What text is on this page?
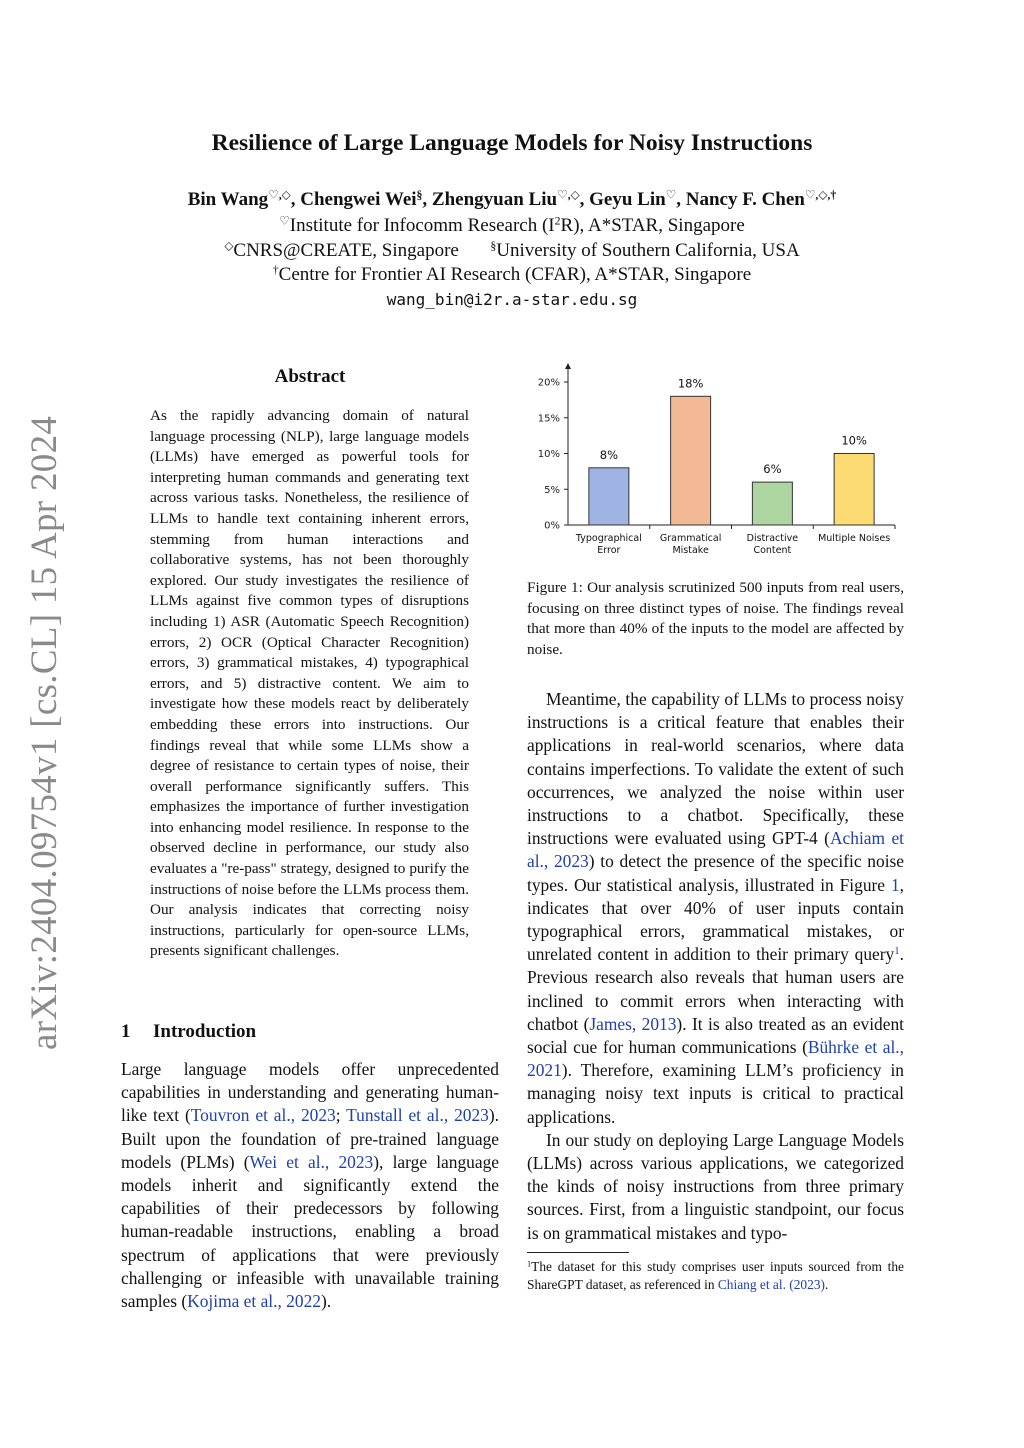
arXiv:2404.09754v1 [cs.CL] 15 Apr 2024
Resilience of Large Language Models for Noisy Instructions
Bin Wang♡,◇, Chengwei Wei§, Zhengyuan Liu♡,◇, Geyu Lin♡, Nancy F. Chen♡,◇,†
♡Institute for Infocomm Research $(I^2R)$, A*STAR, Singapore
◇CNRS@CREATE, Singapore	§University of Southern California, USA
†Centre for Frontier AI Research (CFAR), A*STAR, Singapore
wang_bin@i2r.a-star.edu.sg
Abstract
As the rapidly advancing domain of natural language processing (NLP), large language models (LLMs) have emerged as powerful tools for interpreting human commands and generating text across various tasks. Nonetheless, the resilience of LLMs to handle text containing inherent errors, stemming from human interactions and collaborative systems, has not been thoroughly explored. Our study investigates the resilience of LLMs against five common types of disruptions including 1) ASR (Automatic Speech Recognition) errors, 2) OCR (Optical Character Recognition) errors, 3) grammatical mistakes, 4) typographical errors, and 5) distractive content. We aim to investigate how these models react by deliberately embedding these errors into instructions. Our findings reveal that while some LLMs show a degree of resistance to certain types of noise, their overall performance significantly suffers. This emphasizes the importance of further investigation into enhancing model resilience. In response to the observed decline in performance, our study also evaluates a "re-pass" strategy, designed to purify the instructions of noise before the LLMs process them. Our analysis indicates that correcting noisy instructions, particularly for open-source LLMs, presents significant challenges.
1 Introduction
Large language models offer unprecedented capabilities in understanding and generating human-like text (Touvron et al., 2023; Tunstall et al., 2023). Built upon the foundation of pre-trained language models (PLMs) (Wei et al., 2023), large language models inherit and significantly extend the capabilities of their predecessors by following human-readable instructions, enabling a broad spectrum of applications that were previously challenging or infeasible with unavailable training samples (Kojima et al., 2022).
0%
5%
10%
15%
20%
8%
Typographical
Error
18%
Grammatical
Mistake
6%
Distractive
Content
10%
Multiple Noises
Figure 1: Our analysis scrutinized 500 inputs from real users, focusing on three distinct types of noise. The findings reveal that more than 40% of the inputs to the model are affected by noise.

Meantime, the capability of LLMs to process noisy instructions is a critical feature that enables their applications in real-world scenarios, where data contains imperfections. To validate the extent of such occurrences, we analyzed the noise within user instructions to a chatbot. Specifically, these instructions were evaluated using GPT-4 (Achiam et al., 2023) to detect the presence of the specific noise types. Our statistical analysis, illustrated in Figure 1, indicates that over 40% of user inputs contain typographical errors, grammatical mistakes, or unrelated content in addition to their primary query$^1$. Previous research also reveals that human users are inclined to commit errors when interacting with chatbot (James, 2013). It is also treated as an evident social cue for human communications (Bührke et al., 2021). Therefore, examining LLM’s proficiency in managing noisy text inputs is critical to practical applications.

In our study on deploying Large Language Models (LLMs) across various applications, we categorized the kinds of noisy instructions from three primary sources. First, from a linguistic standpoint, our focus is on grammatical mistakes and typo-

$^1$The dataset for this study comprises user inputs sourced from the ShareGPT dataset, as referenced in Chiang et al. (2023).
